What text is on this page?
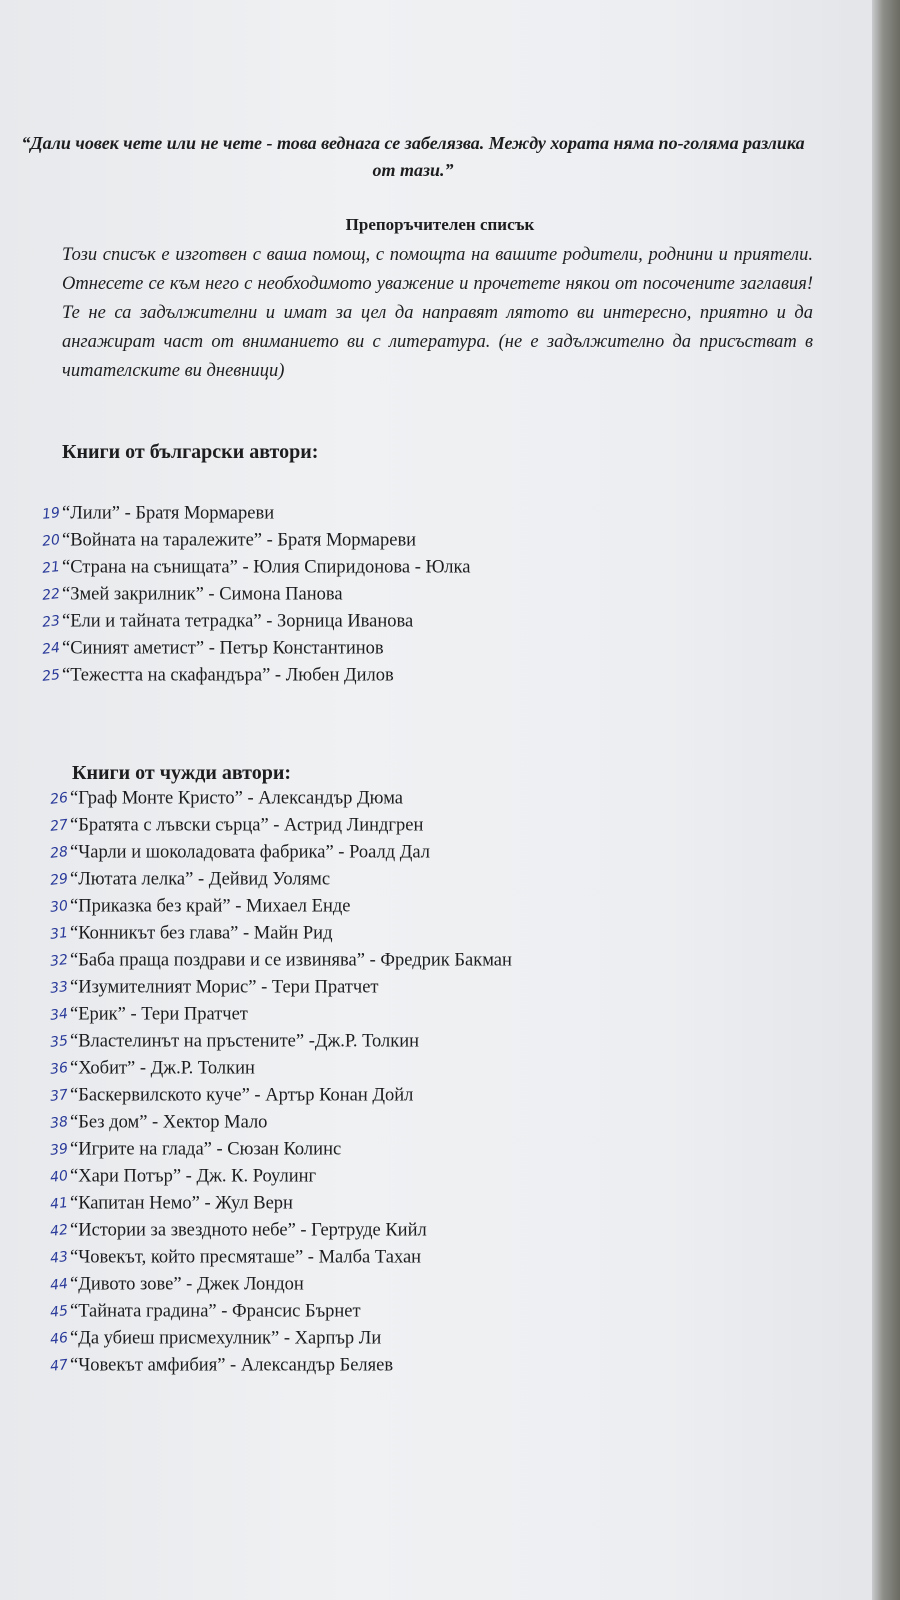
“Дали човек чете или не чете - това веднага се забелязва. Между хората няма по-голяма разлика от тази.”

Препоръчителен списък

Този списък е изготвен с ваша помощ, с помощта на вашите родители, роднини и приятели. Отнесете се към него с необходимото уважение и прочетете някои от посочените заглавия! Те не са задължителни и имат за цел да направят лятото ви интересно, приятно и да ангажират част от вниманието ви с литература. (не е задължително да присъстват в читателските ви дневници)

Книги от български автори:

19“Лили” - Братя Мормареви
20“Войната на таралежите” - Братя Мормареви
21“Страна на сънищата” - Юлия Спиридонова - Юлка
22“Змей закрилник” - Симона Панова
23“Ели и тайната тетрадка” - Зорница Иванова
24“Синият аметист” - Петър Константинов
25“Тежестта на скафандъра” - Любен Дилов

Книги от чужди автори:

26“Граф Монте Кристо” - Александър Дюма
27“Братята с лъвски сърца” - Астрид Линдгрен
28“Чарли и шоколадовата фабрика” - Роалд Дал
29“Лютата лелка” - Дейвид Уолямс
30“Приказка без край” - Михаел Енде
31“Конникът без глава” - Майн Рид
32“Баба праща поздрави и се извинява” - Фредрик Бакман
33“Изумителният Морис” - Тери Пратчет
34“Ерик” - Тери Пратчет
35“Властелинът на пръстените” -Дж.Р. Толкин
36“Хобит” - Дж.Р. Толкин
37“Баскервилското куче” - Артър Конан Дойл
38“Без дом” - Хектор Мало
39“Игрите на глада” - Сюзан Колинс
40“Хари Потър” - Дж. К. Роулинг
41“Капитан Немо” - Жул Верн
42“Истории за звездното небе” - Гертруде Кийл
43“Човекът, който пресмяташе” - Малба Тахан
44“Дивото зове” - Джек Лондон
45“Тайната градина” - Франсис Бърнет
46“Да убиеш присмехулник” - Харпър Ли
47“Човекът амфибия” - Александър Беляев
